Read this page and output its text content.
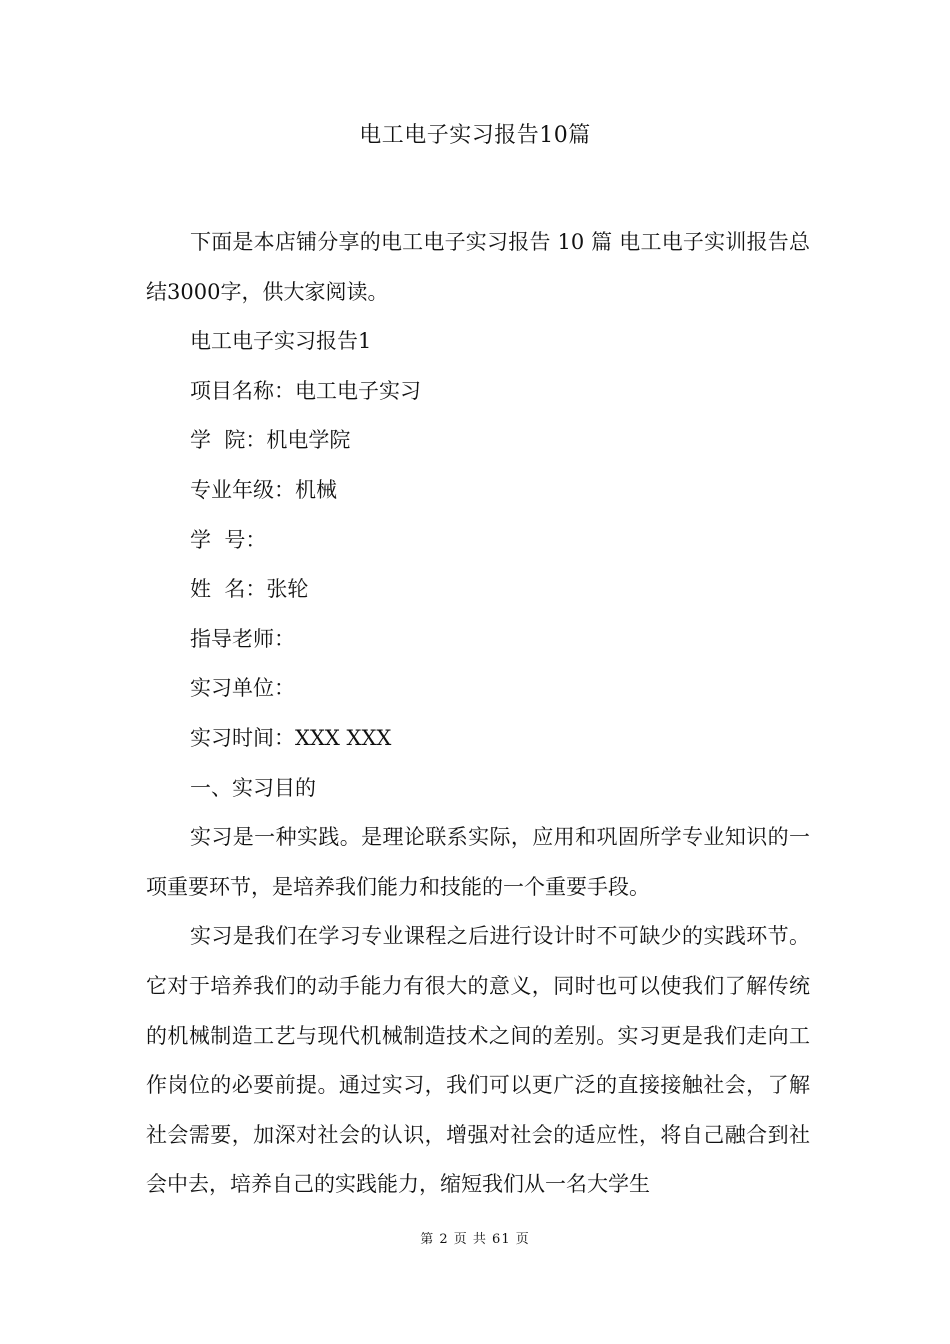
电工电子实习报告10篇

下面是本店铺分享的电工电子实习报告 10 篇 电工电子实训报告总结3000字，供大家阅读。

电工电子实习报告1

项目名称：电工电子实习

学  院：机电学院

专业年级：机械

学  号：

姓  名：张轮

指导老师：

实习单位：

实习时间：XXX XXX

一、实习目的

实习是一种实践。是理论联系实际，应用和巩固所学专业知识的一项重要环节，是培养我们能力和技能的一个重要手段。

实习是我们在学习专业课程之后进行设计时不可缺少的实践环节。它对于培养我们的动手能力有很大的意义，同时也可以使我们了解传统的机械制造工艺与现代机械制造技术之间的差别。实习更是我们走向工作岗位的必要前提。通过实习，我们可以更广泛的直接接触社会，了解社会需要，加深对社会的认识，增强对社会的适应性，将自己融合到社会中去，培养自己的实践能力，缩短我们从一名大学生

第 2 页 共 61 页
